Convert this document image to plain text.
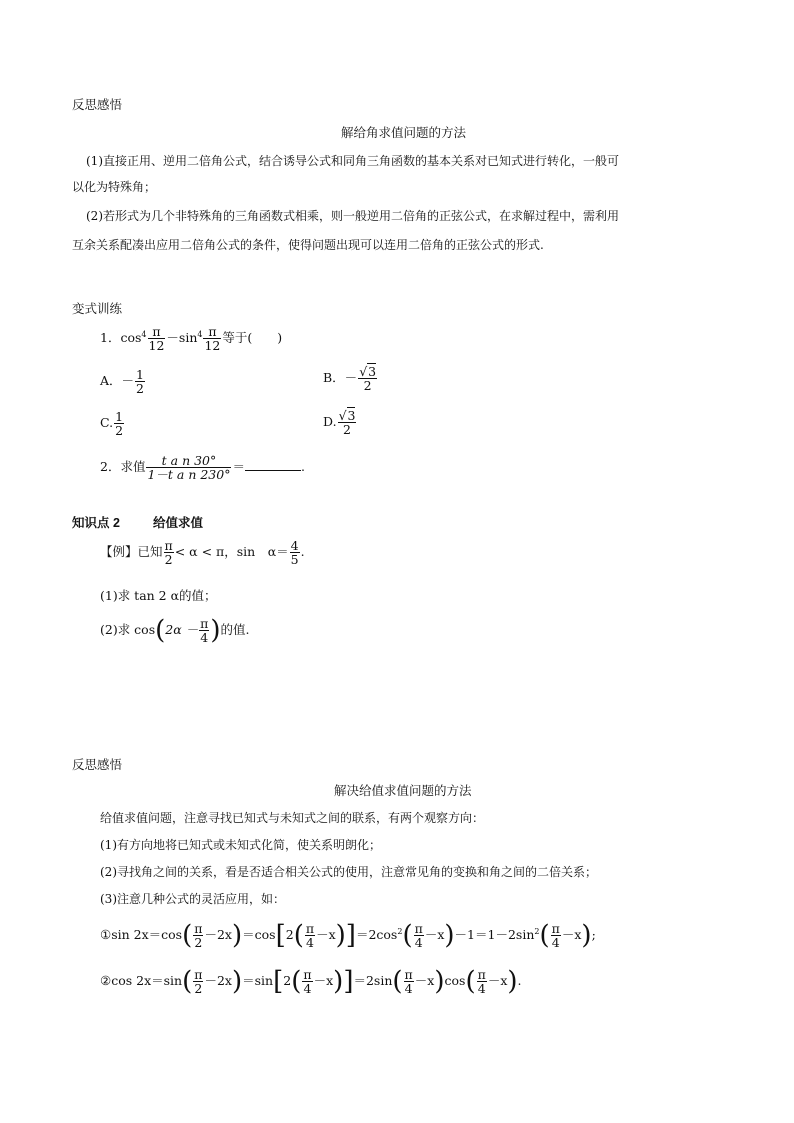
反思感悟
解给角求值问题的方法
(1)直接正用、逆用二倍角公式，结合诱导公式和同角三角函数的基本关系对已知式进行转化，一般可
以化为特殊角；
(2)若形式为几个非特殊角的三角函数式相乘，则一般逆用二倍角的正弦公式，在求解过程中，需利用
互余关系配凑出应用二倍角公式的条件，使得问题出现可以连用二倍角的正弦公式的形式.
变式训练
1．$\cos^4 \frac{\pi}{12} -\sin^4 \frac{\pi}{12}$ 等于(　　)
A．－ $\frac{1}{2}$	B．－ $\frac{√3}{2}$
C. $\frac{1}{2}$	D. $\frac{√3}{2}$
2．求值 $\frac{\text{t a n 30°}}{\text{1－t a n 230°}}$ ＝	.
知识点 2	给值求值
【例】已知 $\frac{\pi}{2} < \alpha < \pi$，sin　$\alpha= \frac{4}{5}$ .
(1)求 tan 2 α的值；
(2)求 $\cos(2\alpha - \frac{\pi}{4}$ )的值.
反思感悟
解决给值求值问题的方法
给值求值问题，注意寻找已知式与未知式之间的联系，有两个观察方向：
(1)有方向地将已知式或未知式化简，使关系明朗化；
(2)寻找角之间的关系，看是否适合相关公式的使用，注意常见角的变换和角之间的二倍关系；
(3)注意几种公式的灵活应用，如：
①sin $2x=\cos( \frac{\pi}{2} -2x)=\cos[2( \frac{\pi}{4} -x)]=2\cos^2( \frac{\pi}{4} -x)-1=1-2\sin^2( \frac{\pi}{4} -x)$;
②cos $2x=\sin( \frac{\pi}{2} -2x)=\sin[2( \frac{\pi}{4} -x)]=2\sin( \frac{\pi}{4} -x)\cos( \frac{\pi}{4} -x)$.
